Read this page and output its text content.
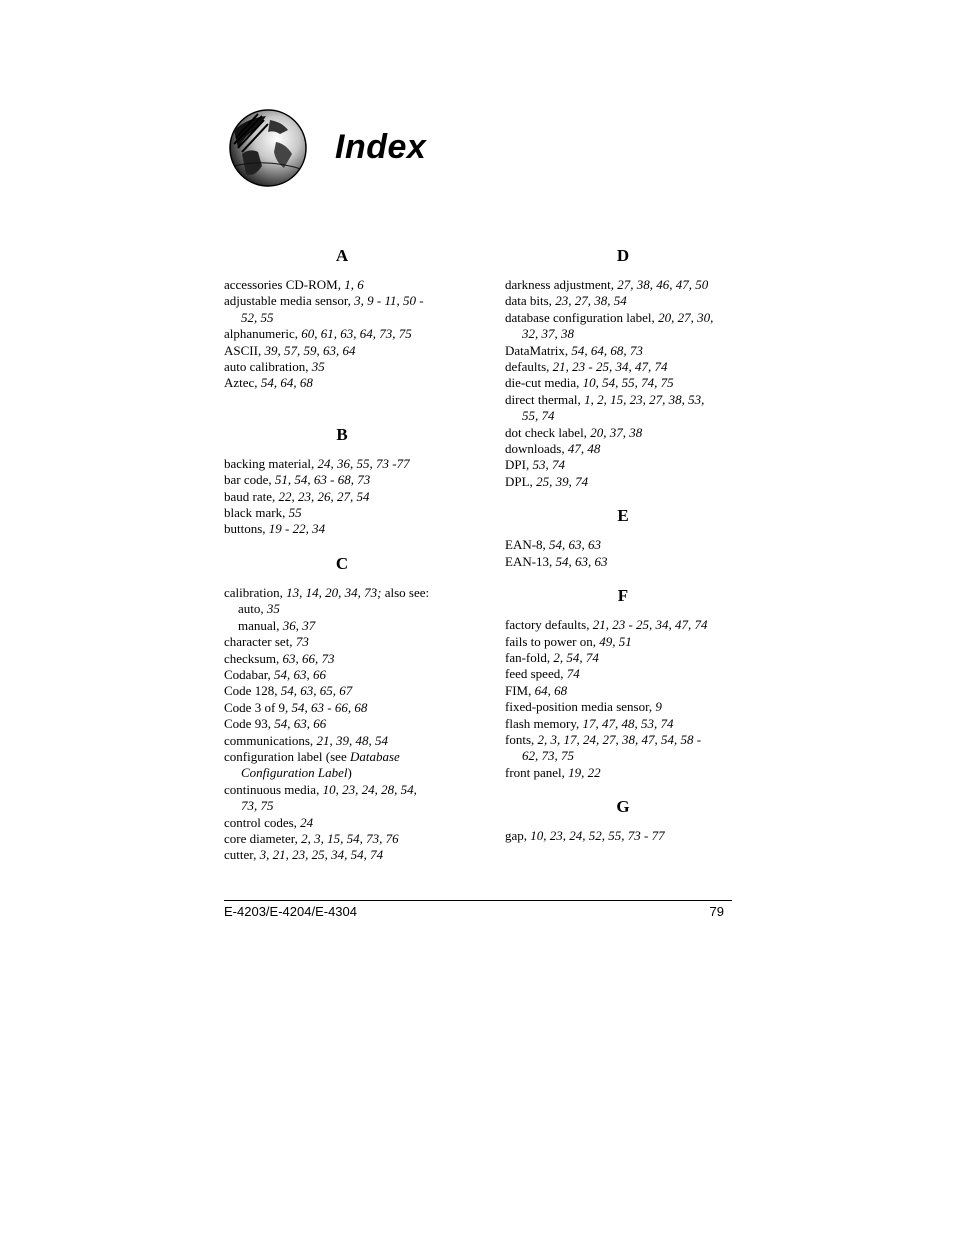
Index
A
accessories CD-ROM, 1, 6
adjustable media sensor, 3, 9 - 11, 50 -
52, 55
alphanumeric, 60, 61, 63, 64, 73, 75
ASCII, 39, 57, 59, 63, 64
auto calibration, 35
Aztec, 54, 64, 68
B
backing material, 24, 36, 55, 73 -77
bar code, 51, 54, 63 - 68, 73
baud rate, 22, 23, 26, 27, 54
black mark, 55
buttons, 19 - 22, 34
C
calibration, 13, 14, 20, 34, 73; also see:
auto, 35
manual, 36, 37
character set, 73
checksum, 63, 66, 73
Codabar, 54, 63, 66
Code 128, 54, 63, 65, 67
Code 3 of 9, 54, 63 - 66, 68
Code 93, 54, 63, 66
communications, 21, 39, 48, 54
configuration label (see Database
Configuration Label)
continuous media, 10, 23, 24, 28, 54,
73, 75
control codes, 24
core diameter, 2, 3, 15, 54, 73, 76
cutter, 3, 21, 23, 25, 34, 54, 74
D
darkness adjustment, 27, 38, 46, 47, 50
data bits, 23, 27, 38, 54
database configuration label, 20, 27, 30,
32, 37, 38
DataMatrix, 54, 64, 68, 73
defaults, 21, 23 - 25, 34, 47, 74
die-cut media, 10, 54, 55, 74, 75
direct thermal, 1, 2, 15, 23, 27, 38, 53,
55, 74
dot check label, 20, 37, 38
downloads, 47, 48
DPI, 53, 74
DPL, 25, 39, 74
E
EAN-8, 54, 63, 63
EAN-13, 54, 63, 63
F
factory defaults, 21, 23 - 25, 34, 47, 74
fails to power on, 49, 51
fan-fold, 2, 54, 74
feed speed, 74
FIM, 64, 68
fixed-position media sensor, 9
flash memory, 17, 47, 48, 53, 74
fonts, 2, 3, 17, 24, 27, 38, 47, 54, 58 -
62, 73, 75
front panel, 19, 22
G
gap, 10, 23, 24, 52, 55, 73 - 77
E-4203/E-4204/E-4304	79
